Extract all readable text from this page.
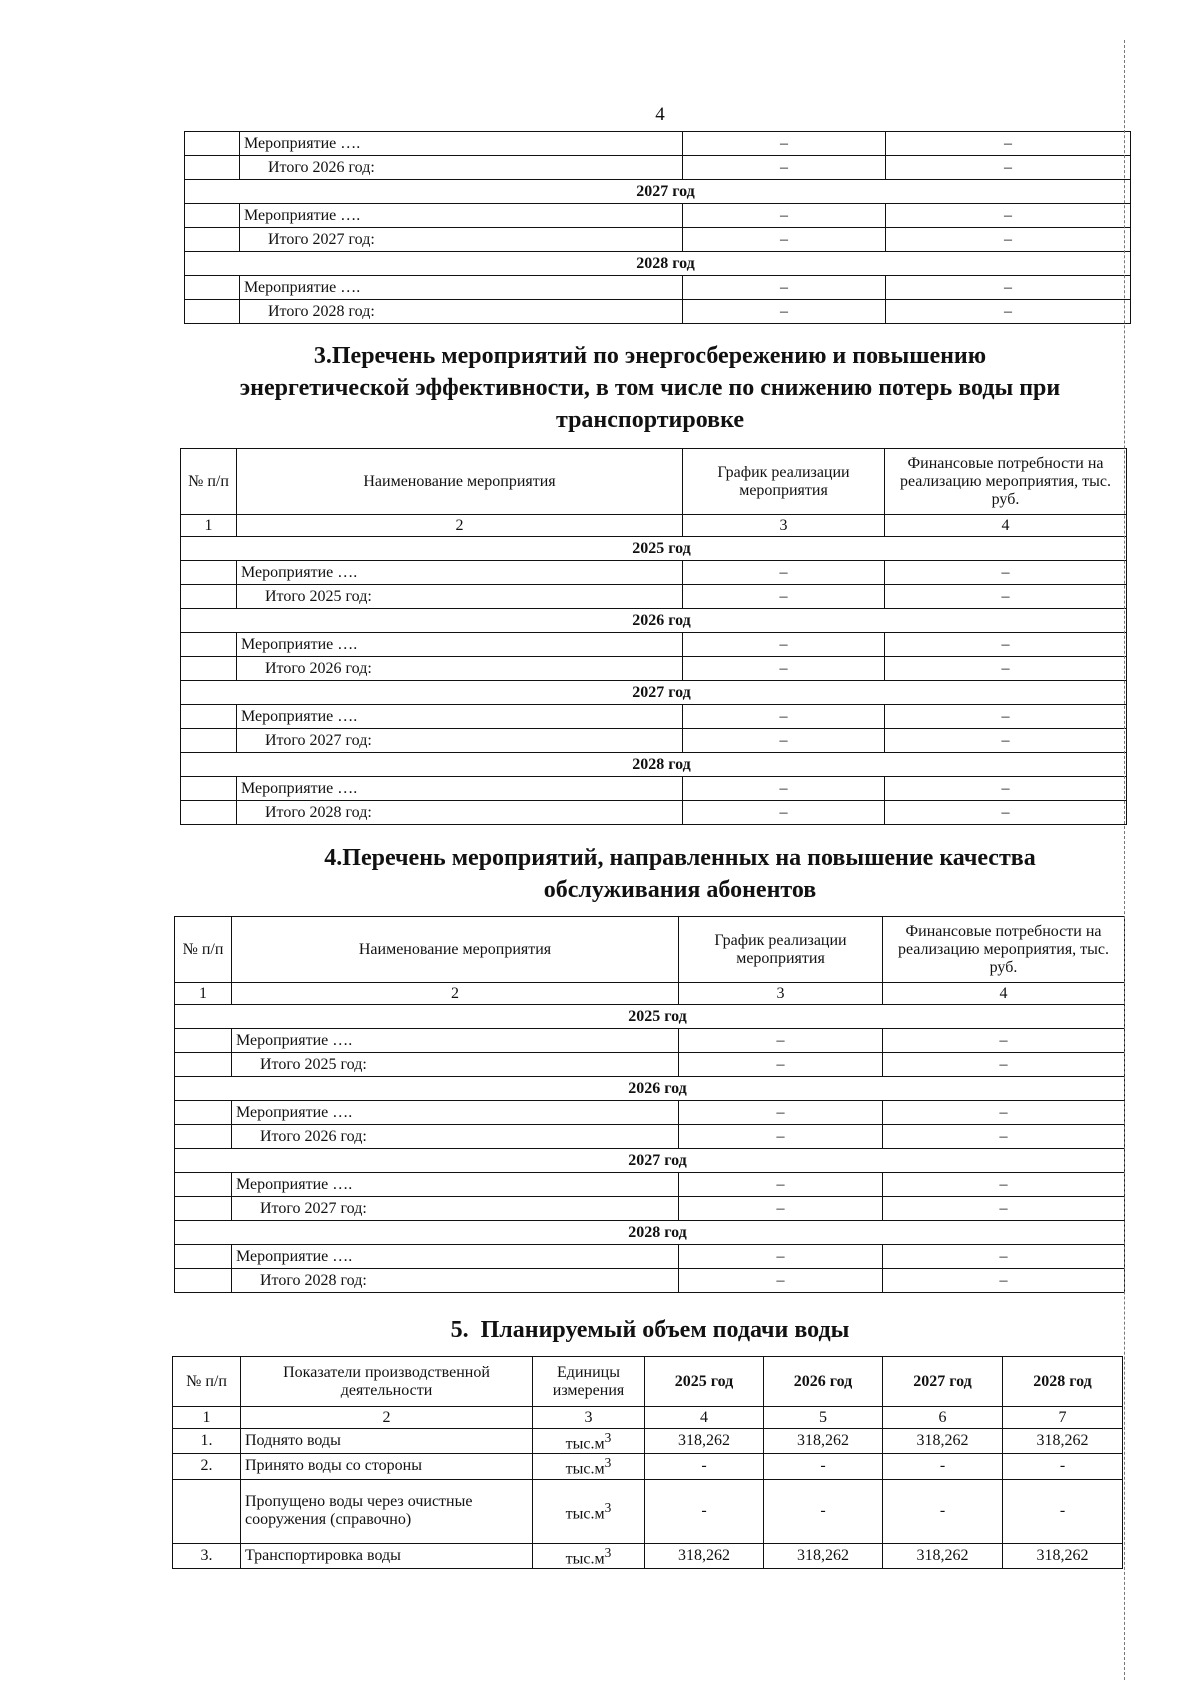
4
	Мероприятие ….	–	–
	Итого 2026 год:	–	–
2027 год			
	Мероприятие ….	–	–
	Итого 2027 год:	–	–
2028 год			
	Мероприятие ….	–	–
	Итого 2028 год:	–	–
3.Перечень мероприятий по энергосбережению и повышению
энергетической эффективности, в том числе по снижению потерь воды при
транспортировке
№ п/п	Наименование мероприятия	График реализации мероприятия	Финансовые потребности на реализацию мероприятия, тыс. руб.
1	2	3	4
2025 год			
	Мероприятие ….	–	–
	Итого 2025 год:	–	–
2026 год			
	Мероприятие ….	–	–
	Итого 2026 год:	–	–
2027 год			
	Мероприятие ….	–	–
	Итого 2027 год:	–	–
2028 год			
	Мероприятие ….	–	–
	Итого 2028 год:	–	–
4.Перечень мероприятий, направленных на повышение качества
обслуживания абонентов
№ п/п	Наименование мероприятия	График реализации мероприятия	Финансовые потребности на реализацию мероприятия, тыс. руб.
1	2	3	4
2025 год			
	Мероприятие ….	–	–
	Итого 2025 год:	–	–
2026 год			
	Мероприятие ….	–	–
	Итого 2026 год:	–	–
2027 год			
	Мероприятие ….	–	–
	Итого 2027 год:	–	–
2028 год			
	Мероприятие ….	–	–
	Итого 2028 год:	–	–
5.  Планируемый объем подачи воды
№ п/п	Показатели производственной деятельности	Единицы измерения	2025 год	2026 год	2027 год	2028 год
1	2	3	4	5	6	7
1.	Поднято воды	$тыс.м^3$	318,262	318,262	318,262	318,262
2.	Принято воды со стороны	$тыс.м^3$	-	-	-	-
	Пропущено воды через очистные сооружения (справочно)	$тыс.м^3$	-	-	-	-
3.	Транспортировка воды	$тыс.м^3$	318,262	318,262	318,262	318,262
